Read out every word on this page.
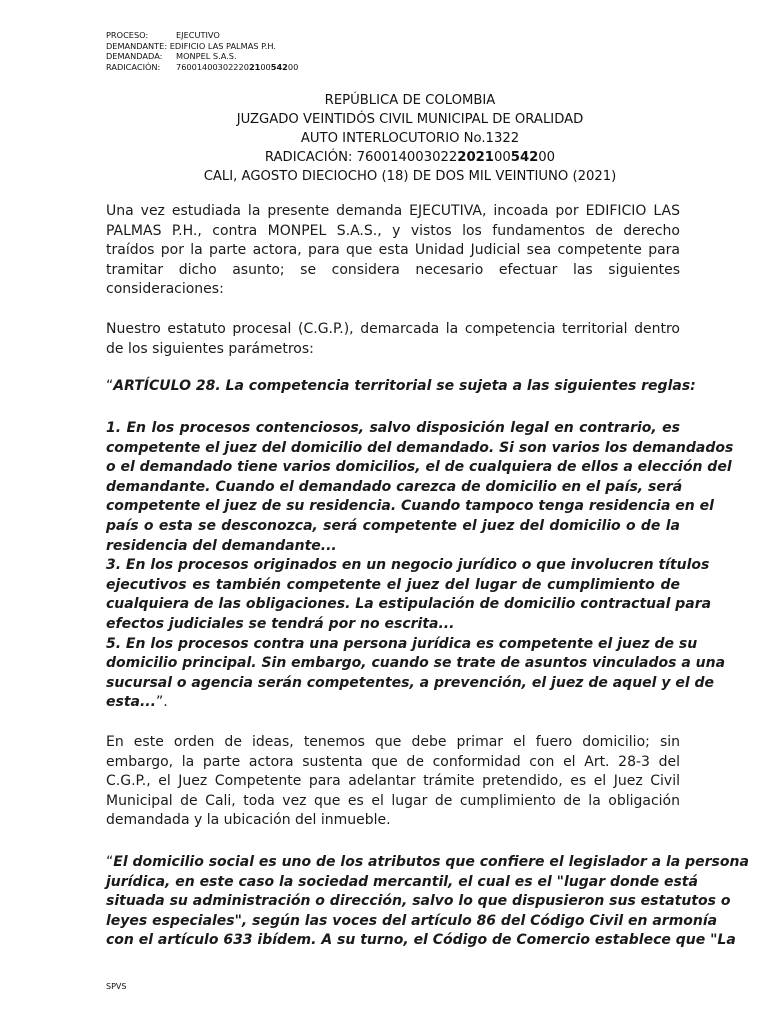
PROCESO:	EJECUTIVO
DEMANDANTE: EDIFICIO LAS PALMAS P.H.
DEMANDADA: MONPEL S.A.S.
RADICACIÓN: 76001400302220210054200
REPÚBLICA DE COLOMBIA
JUZGADO VEINTIDÓS CIVIL MUNICIPAL DE ORALIDAD
AUTO INTERLOCUTORIO No.1322
RADICACIÓN: 76001400302220210054200
CALI, AGOSTO DIECIOCHO (18) DE DOS MIL VEINTIUNO (2021)
Una vez estudiada la presente demanda EJECUTIVA, incoada por EDIFICIO LAS
PALMAS P.H., contra MONPEL S.A.S., y vistos los fundamentos de derecho
traídos por la parte actora, para que esta Unidad Judicial sea competente para
tramitar dicho asunto; se considera necesario efectuar las siguientes
consideraciones:
Nuestro estatuto procesal (C.G.P.), demarcada la competencia territorial dentro
de los siguientes parámetros:
“ARTÍCULO 28. La competencia territorial se sujeta a las siguientes reglas:
1. En los procesos contenciosos, salvo disposición legal en contrario, es
competente el juez del domicilio del demandado. Si son varios los demandados
o el demandado tiene varios domicilios, el de cualquiera de ellos a elección del
demandante. Cuando el demandado carezca de domicilio en el país, será
competente el juez de su residencia. Cuando tampoco tenga residencia en el
país o esta se desconozca, será competente el juez del domicilio o de la
residencia del demandante...
3. En los procesos originados en un negocio jurídico o que involucren títulos
ejecutivos es también competente el juez del lugar de cumplimiento de
cualquiera de las obligaciones. La estipulación de domicilio contractual para
efectos judiciales se tendrá por no escrita...
5. En los procesos contra una persona jurídica es competente el juez de su
domicilio principal. Sin embargo, cuando se trate de asuntos vinculados a una
sucursal o agencia serán competentes, a prevención, el juez de aquel y el de
esta...”.
En este orden de ideas, tenemos que debe primar el fuero domicilio; sin
embargo, la parte actora sustenta que de conformidad con el Art. 28-3 del
C.G.P., el Juez Competente para adelantar trámite pretendido, es el Juez Civil
Municipal de Cali, toda vez que es el lugar de cumplimiento de la obligación
demandada y la ubicación del inmueble.
“El domicilio social es uno de los atributos que confiere el legislador a la persona
jurídica, en este caso la sociedad mercantil, el cual es el "lugar donde está
situada su administración o dirección, salvo lo que dispusieron sus estatutos o
leyes especiales", según las voces del artículo 86 del Código Civil en armonía
con el artículo 633 ibídem. A su turno, el Código de Comercio establece que "La
SPVS
